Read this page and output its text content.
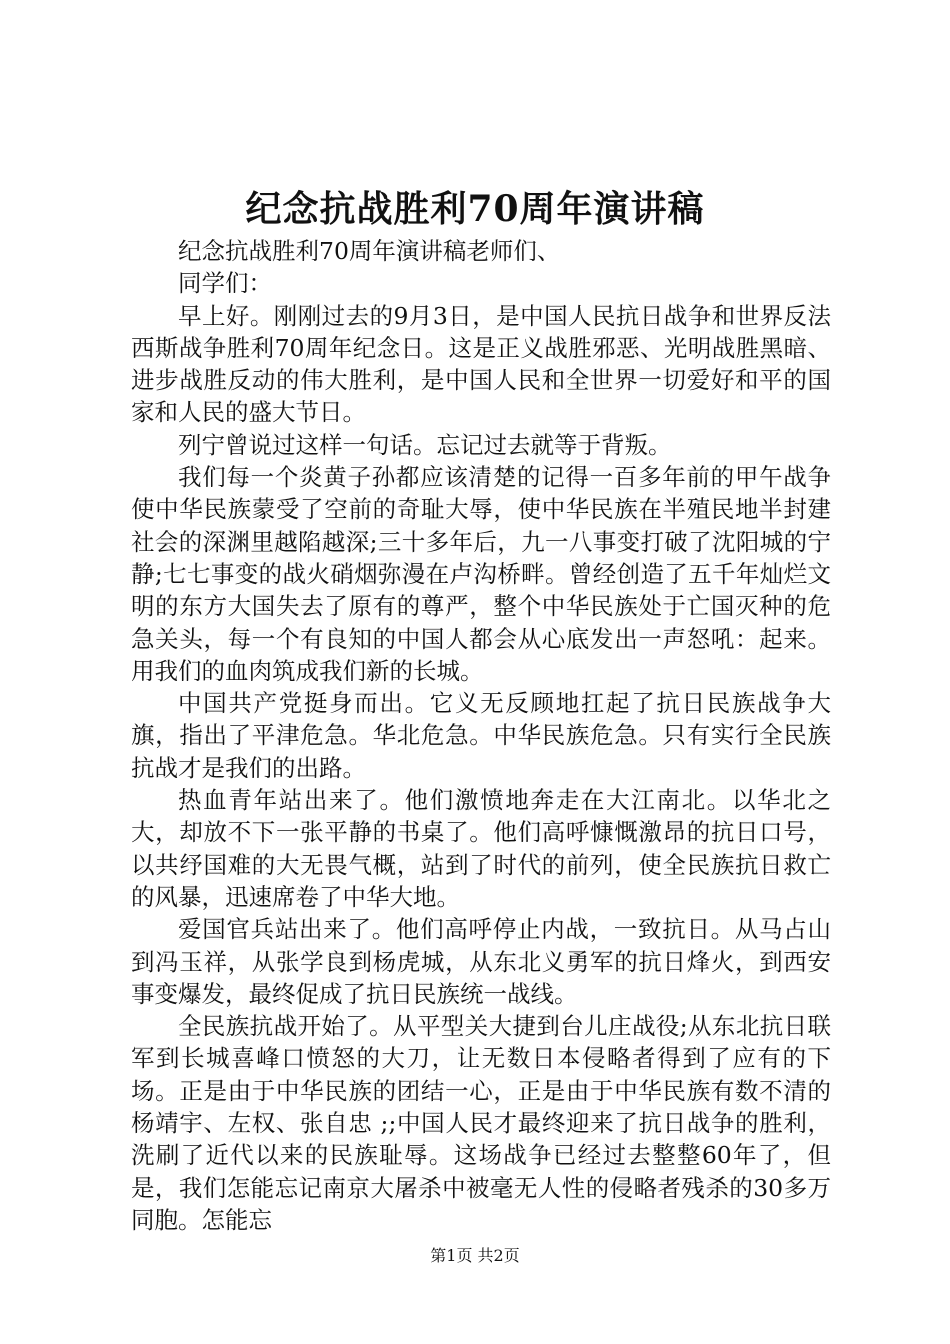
纪念抗战胜利70周年演讲稿

纪念抗战胜利70周年演讲稿老师们、

同学们：

早上好。刚刚过去的9月3日，是中国人民抗日战争和世界反法西斯战争胜利70周年纪念日。这是正义战胜邪恶、光明战胜黑暗、进步战胜反动的伟大胜利，是中国人民和全世界一切爱好和平的国家和人民的盛大节日。

列宁曾说过这样一句话。忘记过去就等于背叛。

我们每一个炎黄子孙都应该清楚的记得一百多年前的甲午战争使中华民族蒙受了空前的奇耻大辱，使中华民族在半殖民地半封建社会的深渊里越陷越深;三十多年后，九一八事变打破了沈阳城的宁静;七七事变的战火硝烟弥漫在卢沟桥畔。曾经创造了五千年灿烂文明的东方大国失去了原有的尊严，整个中华民族处于亡国灭种的危急关头，每一个有良知的中国人都会从心底发出一声怒吼：起来。用我们的血肉筑成我们新的长城。

中国共产党挺身而出。它义无反顾地扛起了抗日民族战争大旗，指出了平津危急。华北危急。中华民族危急。只有实行全民族抗战才是我们的出路。

热血青年站出来了。他们激愤地奔走在大江南北。以华北之大，却放不下一张平静的书桌了。他们高呼慷慨激昂的抗日口号，以共纾国难的大无畏气概，站到了时代的前列，使全民族抗日救亡的风暴，迅速席卷了中华大地。

爱国官兵站出来了。他们高呼停止内战，一致抗日。从马占山到冯玉祥，从张学良到杨虎城，从东北义勇军的抗日烽火，到西安事变爆发，最终促成了抗日民族统一战线。

全民族抗战开始了。从平型关大捷到台儿庄战役;从东北抗日联军到长城喜峰口愤怒的大刀，让无数日本侵略者得到了应有的下场。正是由于中华民族的团结一心，正是由于中华民族有数不清的杨靖宇、左权、张自忠 ;;中国人民才最终迎来了抗日战争的胜利，洗刷了近代以来的民族耻辱。这场战争已经过去整整60年了，但是，我们怎能忘记南京大屠杀中被毫无人性的侵略者残杀的30多万同胞。怎能忘

第1页 共2页
